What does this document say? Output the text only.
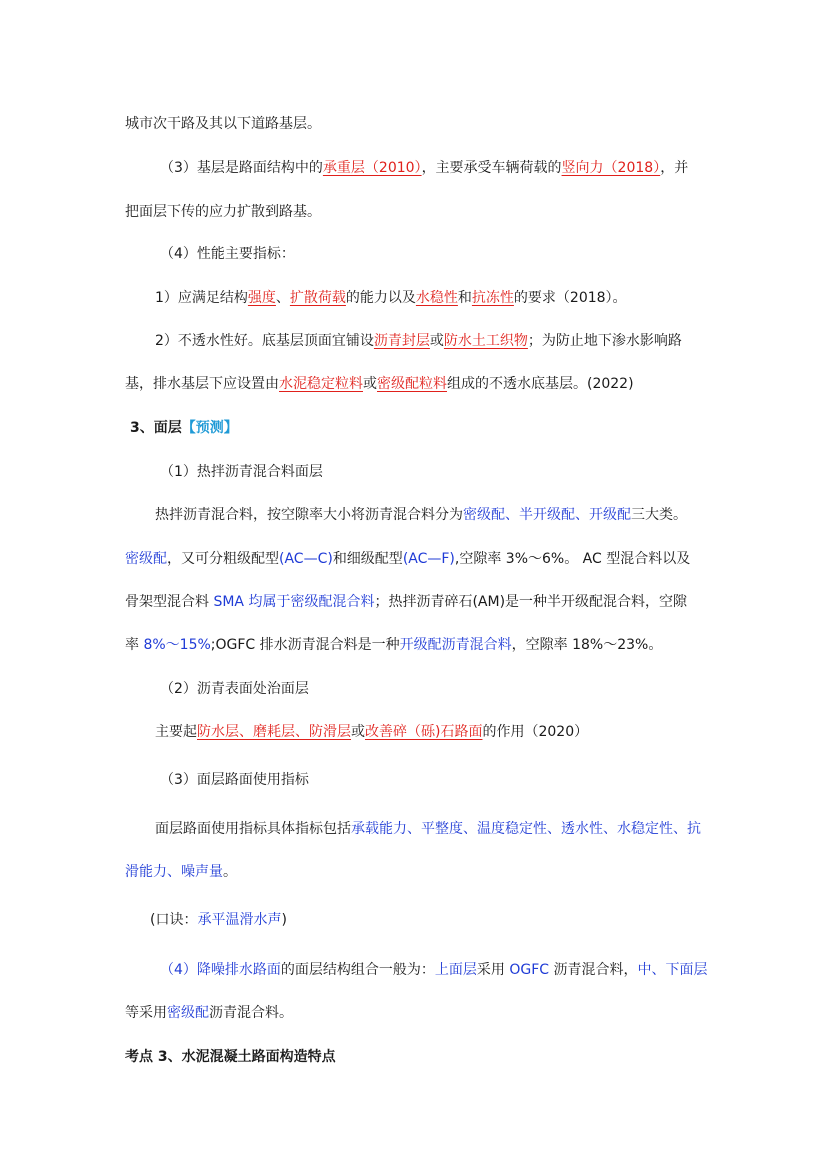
城市次干路及其以下道路基层。
（3）基层是路面结构中的承重层（2010），主要承受车辆荷载的竖向力（2018），并
把面层下传的应力扩散到路基。
（4）性能主要指标：
1）应满足结构强度、扩散荷载的能力以及水稳性和抗冻性的要求（2018）。
2）不透水性好。底基层顶面宜铺设沥青封层或防水土工织物；为防止地下渗水影响路
基，排水基层下应设置由水泥稳定粒料或密级配粒料组成的不透水底基层。(2022)
3、面层【预测】
（1）热拌沥青混合料面层
热拌沥青混合料，按空隙率大小将沥青混合料分为密级配、半开级配、开级配三大类。
密级配，又可分粗级配型(AC—C)和细级配型(AC—F),空隙率 3%～6%。 AC 型混合料以及
骨架型混合料 SMA 均属于密级配混合料；热拌沥青碎石(AM)是一种半开级配混合料，空隙
率 8%～15%;OGFC 排水沥青混合料是一种开级配沥青混合料，空隙率 18%～23%。
（2）沥青表面处治面层
主要起防水层、磨耗层、防滑层或改善碎（砾)石路面的作用（2020）
（3）面层路面使用指标
面层路面使用指标具体指标包括承载能力、平整度、温度稳定性、透水性、水稳定性、抗
滑能力、噪声量。
(口诀：承平温滑水声)
（4）降噪排水路面的面层结构组合一般为：上面层采用 OGFC 沥青混合料，中、下面层
等采用密级配沥青混合料。
考点 3、水泥混凝土路面构造特点
